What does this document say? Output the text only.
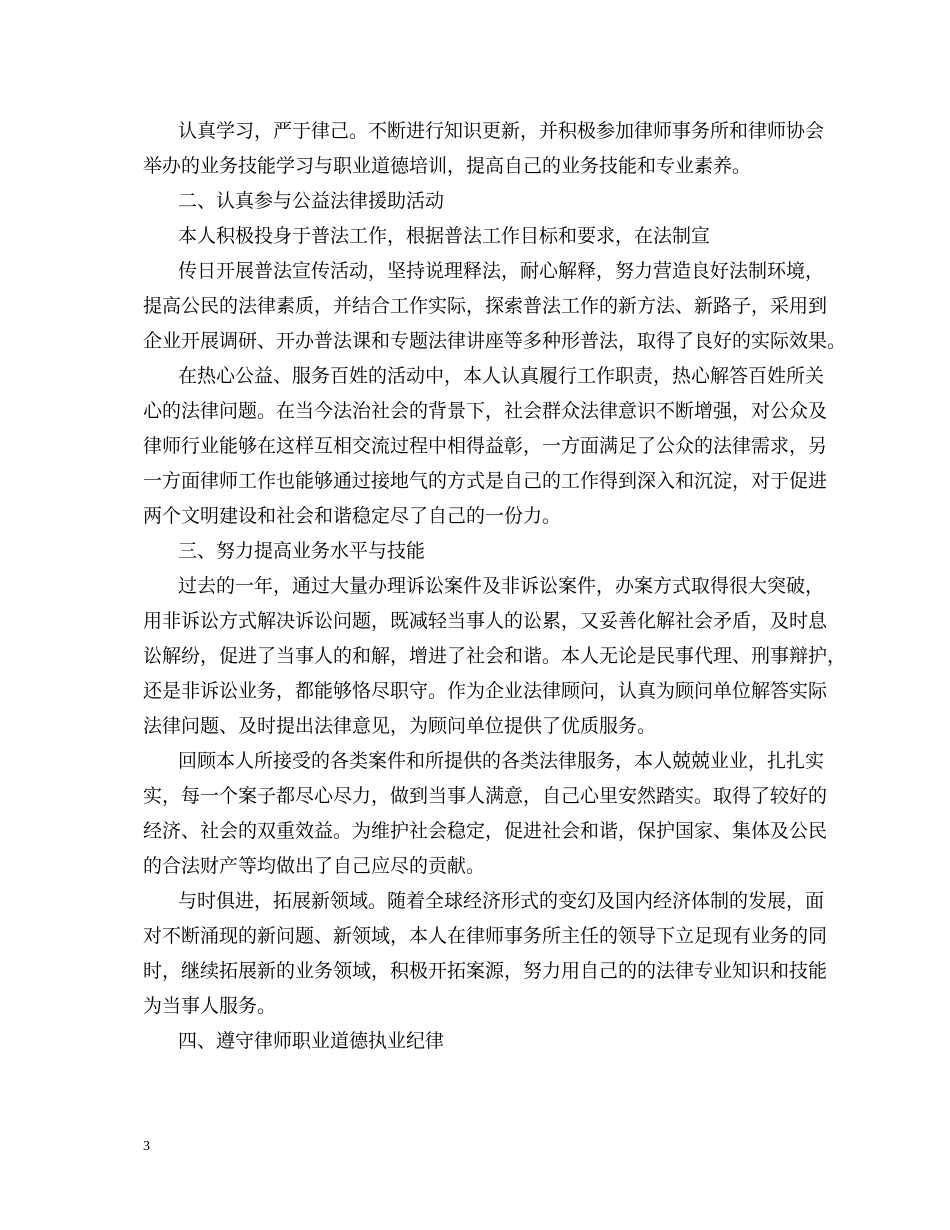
认真学习，严于律己。不断进行知识更新，并积极参加律师事务所和律师协会
举办的业务技能学习与职业道德培训，提高自己的业务技能和专业素养。
二、认真参与公益法律援助活动
本人积极投身于普法工作，根据普法工作目标和要求，在法制宣
传日开展普法宣传活动，坚持说理释法，耐心解释，努力营造良好法制环境，
提高公民的法律素质，并结合工作实际，探索普法工作的新方法、新路子，采用到
企业开展调研、开办普法课和专题法律讲座等多种形普法，取得了良好的实际效果。
在热心公益、服务百姓的活动中，本人认真履行工作职责，热心解答百姓所关
心的法律问题。在当今法治社会的背景下，社会群众法律意识不断增强，对公众及
律师行业能够在这样互相交流过程中相得益彰，一方面满足了公众的法律需求，另
一方面律师工作也能够通过接地气的方式是自己的工作得到深入和沉淀，对于促进
两个文明建设和社会和谐稳定尽了自己的一份力。
三、努力提高业务水平与技能
过去的一年，通过大量办理诉讼案件及非诉讼案件，办案方式取得很大突破，
用非诉讼方式解决诉讼问题，既减轻当事人的讼累，又妥善化解社会矛盾，及时息
讼解纷，促进了当事人的和解，增进了社会和谐。本人无论是民事代理、刑事辩护，
还是非诉讼业务，都能够恪尽职守。作为企业法律顾问，认真为顾问单位解答实际
法律问题、及时提出法律意见，为顾问单位提供了优质服务。
回顾本人所接受的各类案件和所提供的各类法律服务，本人兢兢业业，扎扎实
实，每一个案子都尽心尽力，做到当事人满意，自己心里安然踏实。取得了较好的
经济、社会的双重效益。为维护社会稳定，促进社会和谐，保护国家、集体及公民
的合法财产等均做出了自己应尽的贡献。
与时俱进，拓展新领域。随着全球经济形式的变幻及国内经济体制的发展，面
对不断涌现的新问题、新领域，本人在律师事务所主任的领导下立足现有业务的同
时，继续拓展新的业务领域，积极开拓案源，努力用自己的的法律专业知识和技能
为当事人服务。
四、遵守律师职业道德执业纪律
3
